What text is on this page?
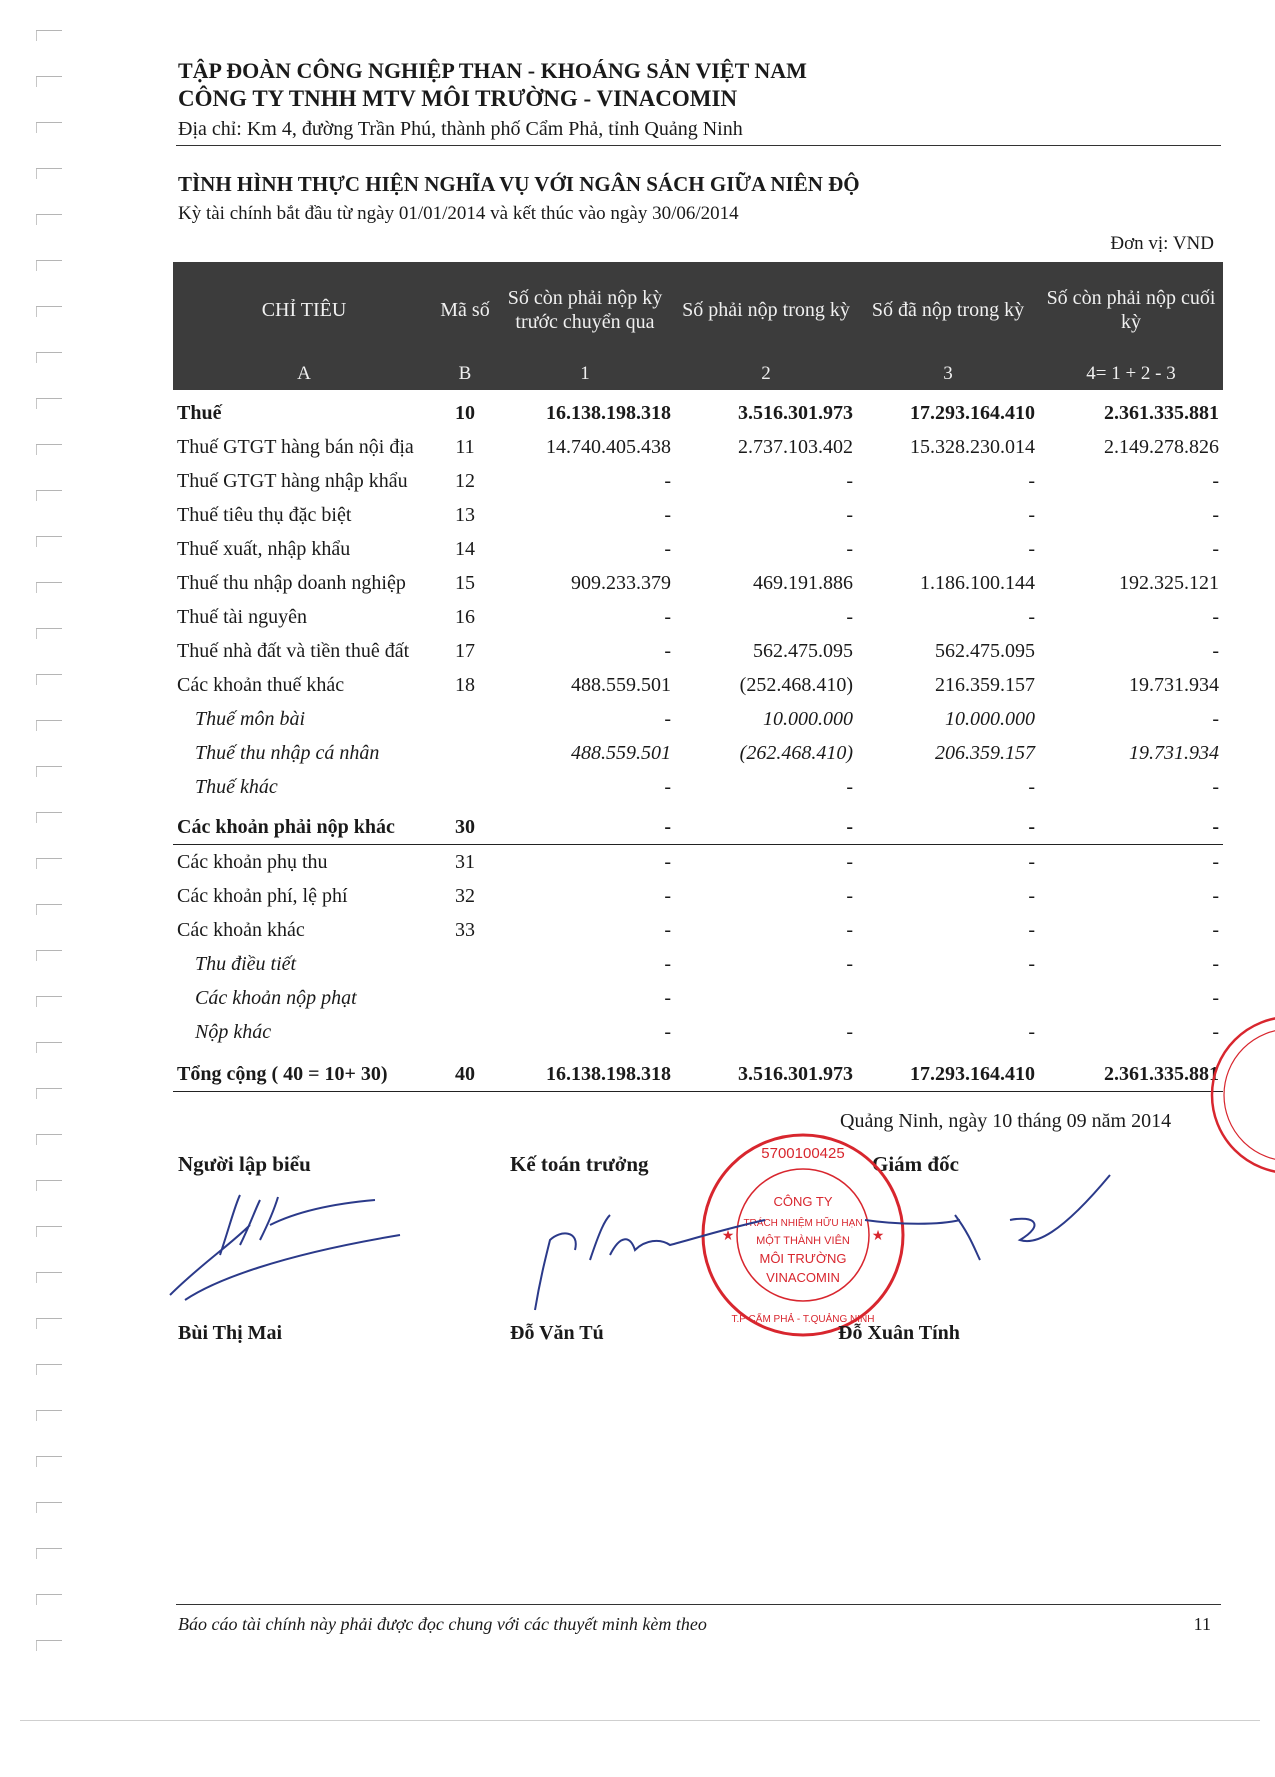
TẬP ĐOÀN CÔNG NGHIỆP THAN - KHOÁNG SẢN VIỆT NAM
CÔNG TY TNHH MTV MÔI TRƯỜNG - VINACOMIN
Địa chỉ: Km 4, đường Trần Phú, thành phố Cẩm Phả, tỉnh Quảng Ninh
TÌNH HÌNH THỰC HIỆN NGHĨA VỤ VỚI NGÂN SÁCH GIỮA NIÊN ĐỘ
Kỳ tài chính bắt đầu từ ngày 01/01/2014 và kết thúc vào ngày 30/06/2014
Đơn vị: VND
CHỈ TIÊU	Mã số	Số còn phải nộp kỳ trước chuyển qua	Số phải nộp trong kỳ	Số đã nộp trong kỳ	Số còn phải nộp cuối kỳ
A	B	1	2	3	4= 1 + 2 - 3
Thuế	10	16.138.198.318	3.516.301.973	17.293.164.410	2.361.335.881
Thuế GTGT hàng bán nội địa	11	14.740.405.438	2.737.103.402	15.328.230.014	2.149.278.826
Thuế GTGT hàng nhập khẩu	12	-	-	-	-
Thuế tiêu thụ đặc biệt	13	-	-	-	-
Thuế xuất, nhập khẩu	14	-	-	-	-
Thuế thu nhập doanh nghiệp	15	909.233.379	469.191.886	1.186.100.144	192.325.121
Thuế tài nguyên	16	-	-	-	-
Thuế nhà đất và tiền thuê đất	17	-	562.475.095	562.475.095	-
Các khoản thuế khác	18	488.559.501	(252.468.410)	216.359.157	19.731.934
Thuế môn bài		-	10.000.000	10.000.000	-
Thuế thu nhập cá nhân		488.559.501	(262.468.410)	206.359.157	19.731.934
Thuế khác		-	-	-	-
Các khoản phải nộp khác	30	-	-	-	-
Các khoản phụ thu	31	-	-	-	-
Các khoản phí, lệ phí	32	-	-	-	-
Các khoản khác	33	-	-	-	-
Thu điều tiết		-	-	-	-
Các khoản nộp phạt		-			-
Nộp khác		-	-	-	-
Tổng cộng ( 40 = 10+ 30)	40	16.138.198.318	3.516.301.973	17.293.164.410	2.361.335.881
Quảng Ninh, ngày 10 tháng 09 năm 2014
Người lập biểu	Kế toán trưởng	Giám đốc
5700100425
CÔNG TY
TRÁCH NHIỆM HỮU HẠN
MỘT THÀNH VIÊN
MÔI TRƯỜNG
VINACOMIN
T.P CẨM PHẢ - T.QUẢNG NINH
★	★
Bùi Thị Mai	Đỗ Văn Tú	Đỗ Xuân Tính
Báo cáo tài chính này phải được đọc chung với các thuyết minh kèm theo	11
